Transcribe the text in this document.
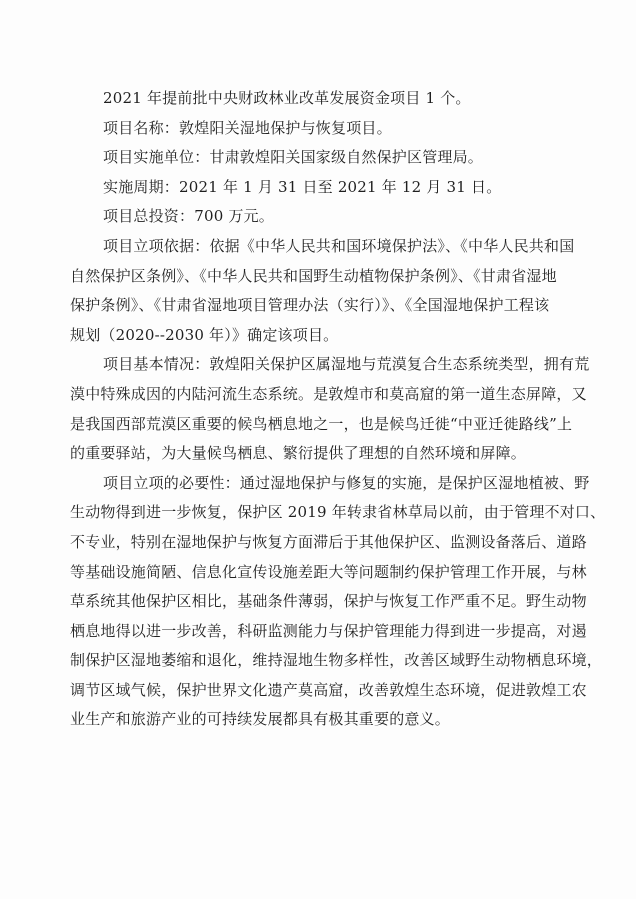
2021 年提前批中央财政林业改革发展资金项目 1 个。
项目名称：敦煌阳关湿地保护与恢复项目。
项目实施单位：甘肃敦煌阳关国家级自然保护区管理局。
实施周期：2021 年 1 月 31 日至 2021 年 12 月 31 日。
项目总投资：700 万元。
项目立项依据：依据《中华人民共和国环境保护法》、《中华人民共和国
自然保护区条例》、《中华人民共和国野生动植物保护条例》、《甘肃省湿地
保护条例》、《甘肃省湿地项目管理办法（实行）》、《全国湿地保护工程该
规划（2020--2030 年）》确定该项目。
项目基本情况：敦煌阳关保护区属湿地与荒漠复合生态系统类型，拥有荒
漠中特殊成因的内陆河流生态系统。是敦煌市和莫高窟的第一道生态屏障，又
是我国西部荒漠区重要的候鸟栖息地之一，也是候鸟迁徙“中亚迁徙路线”上
的重要驿站，为大量候鸟栖息、繁衍提供了理想的自然环境和屏障。
项目立项的必要性：通过湿地保护与修复的实施，是保护区湿地植被、野
生动物得到进一步恢复，保护区 2019 年转隶省林草局以前，由于管理不对口、
不专业，特别在湿地保护与恢复方面滞后于其他保护区、监测设备落后、道路
等基础设施简陋、信息化宣传设施差距大等问题制约保护管理工作开展，与林
草系统其他保护区相比，基础条件薄弱，保护与恢复工作严重不足。野生动物
栖息地得以进一步改善，科研监测能力与保护管理能力得到进一步提高，对遏
制保护区湿地萎缩和退化，维持湿地生物多样性，改善区域野生动物栖息环境，
调节区域气候，保护世界文化遗产莫高窟，改善敦煌生态环境，促进敦煌工农
业生产和旅游产业的可持续发展都具有极其重要的意义。
